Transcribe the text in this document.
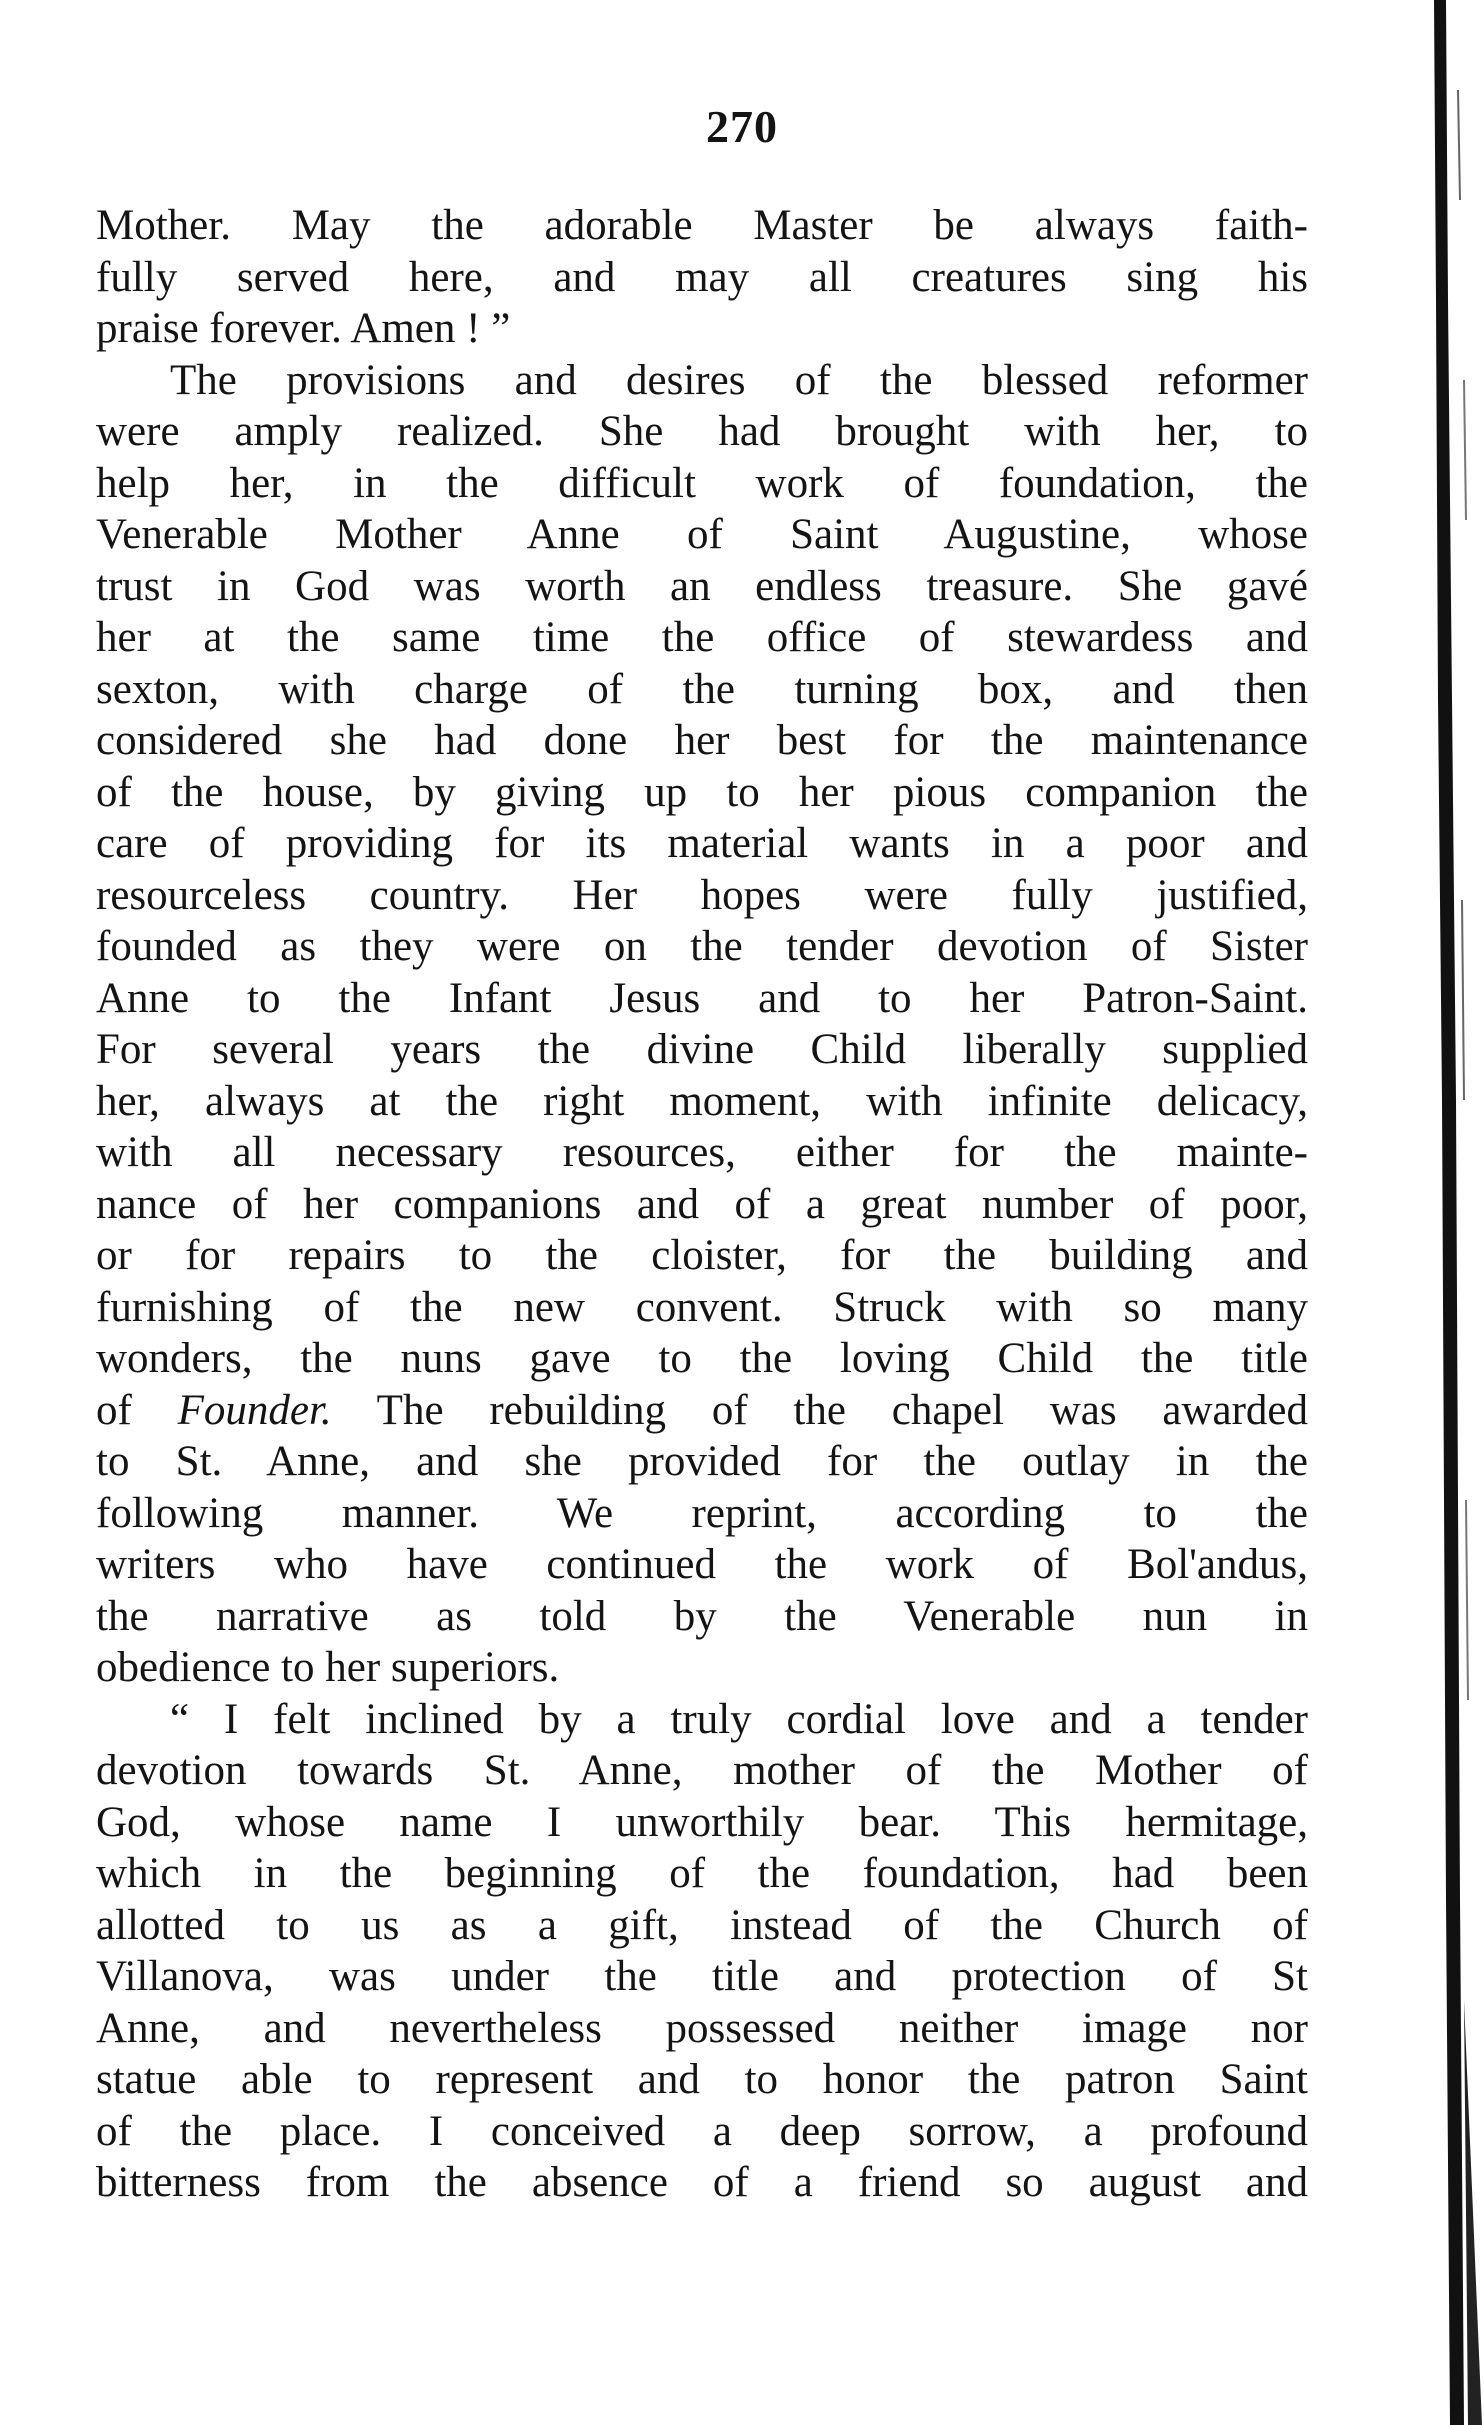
270
Mother. May the adorable Master be always faith-
fully served here, and may all creatures sing his
praise forever. Amen ! ”
The provisions and desires of the blessed reformer
were amply realized. She had brought with her, to
help her, in the difficult work of foundation, the
Venerable Mother Anne of Saint Augustine, whose
trust in God was worth an endless treasure. She gavé
her at the same time the office of stewardess and
sexton, with charge of the turning box, and then
considered she had done her best for the maintenance
of the house, by giving up to her pious companion the
care of providing for its material wants in a poor and
resourceless country. Her hopes were fully justified,
founded as they were on the tender devotion of Sister
Anne to the Infant Jesus and to her Patron-Saint.
For several years the divine Child liberally supplied
her, always at the right moment, with infinite delicacy,
with all necessary resources, either for the mainte-
nance of her companions and of a great number of poor,
or for repairs to the cloister, for the building and
furnishing of the new convent. Struck with so many
wonders, the nuns gave to the loving Child the title
of Founder. The rebuilding of the chapel was awarded
to St. Anne, and she provided for the outlay in the
following manner. We reprint, according to the
writers who have continued the work of Bol'andus,
the narrative as told by the Venerable nun in
obedience to her superiors.
“ I felt inclined by a truly cordial love and a tender
devotion towards St. Anne, mother of the Mother of
God, whose name I unworthily bear. This hermitage,
which in the beginning of the foundation, had been
allotted to us as a gift, instead of the Church of
Villanova, was under the title and protection of St
Anne, and nevertheless possessed neither image nor
statue able to represent and to honor the patron Saint
of the place. I conceived a deep sorrow, a profound
bitterness from the absence of a friend so august and
